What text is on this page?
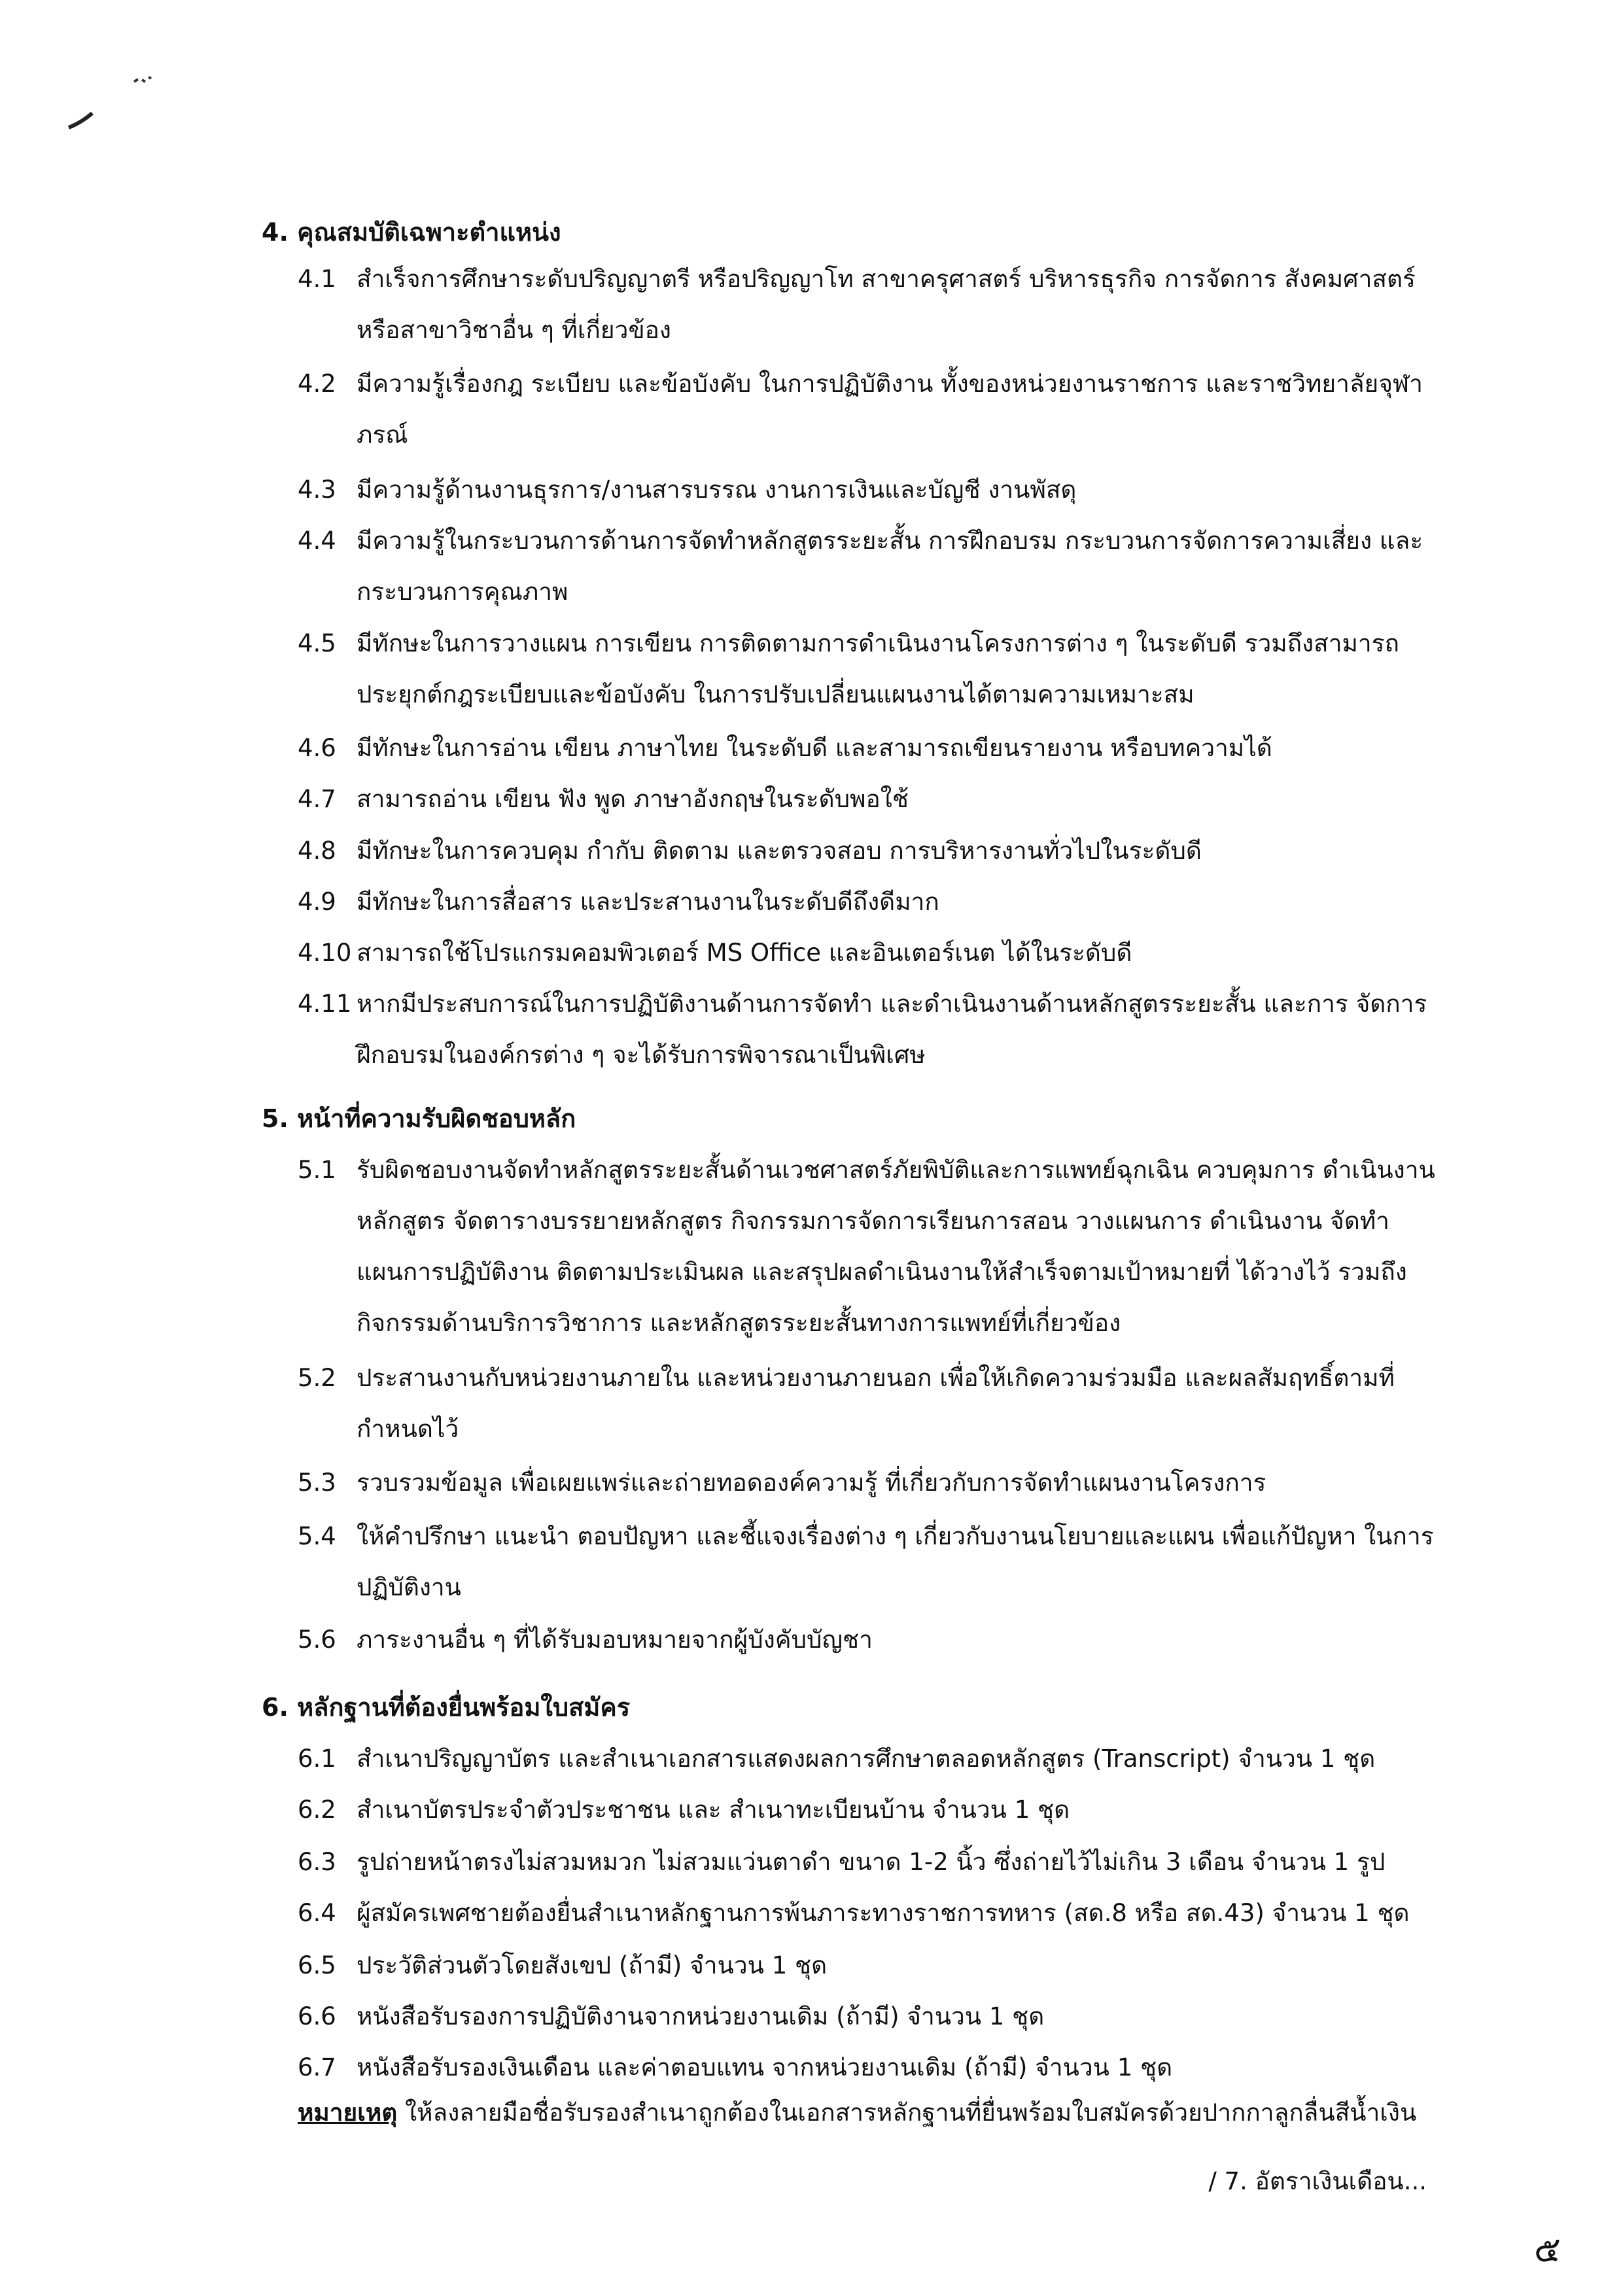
4. คุณสมบัติเฉพาะตำแหน่ง
4.1 สำเร็จการศึกษาระดับปริญญาตรี หรือปริญญาโท สาขาครุศาสตร์ บริหารธุรกิจ การจัดการ สังคมศาสตร์ หรือสาขาวิชาอื่น ๆ ที่เกี่ยวข้อง
4.2 มีความรู้เรื่องกฎ ระเบียบ และข้อบังคับ ในการปฏิบัติงาน ทั้งของหน่วยงานราชการ และราชวิทยาลัยจุฬาภรณ์
4.3 มีความรู้ด้านงานธุรการ/งานสารบรรณ งานการเงินและบัญชี งานพัสดุ
4.4 มีความรู้ในกระบวนการด้านการจัดทำหลักสูตรระยะสั้น การฝึกอบรม กระบวนการจัดการความเสี่ยง และกระบวนการคุณภาพ
4.5 มีทักษะในการวางแผน การเขียน การติดตามการดำเนินงานโครงการต่าง ๆ ในระดับดี รวมถึงสามารถ ประยุกต์กฎระเบียบและข้อบังคับ ในการปรับเปลี่ยนแผนงานได้ตามความเหมาะสม
4.6 มีทักษะในการอ่าน เขียน ภาษาไทย ในระดับดี และสามารถเขียนรายงาน หรือบทความได้
4.7 สามารถอ่าน เขียน ฟัง พูด ภาษาอังกฤษในระดับพอใช้
4.8 มีทักษะในการควบคุม กำกับ ติดตาม และตรวจสอบ การบริหารงานทั่วไปในระดับดี
4.9 มีทักษะในการสื่อสาร และประสานงานในระดับดีถึงดีมาก
4.10 สามารถใช้โปรแกรมคอมพิวเตอร์ MS Office และอินเตอร์เนต ได้ในระดับดี
4.11 หากมีประสบการณ์ในการปฏิบัติงานด้านการจัดทำ และดำเนินงานด้านหลักสูตรระยะสั้น และการ จัดการฝึกอบรมในองค์กรต่าง ๆ จะได้รับการพิจารณาเป็นพิเศษ
5. หน้าที่ความรับผิดชอบหลัก
5.1 รับผิดชอบงานจัดทำหลักสูตรระยะสั้นด้านเวชศาสตร์ภัยพิบัติและการแพทย์ฉุกเฉิน ควบคุมการ ดำเนินงานหลักสูตร จัดตารางบรรยายหลักสูตร กิจกรรมการจัดการเรียนการสอน วางแผนการ ดำเนินงาน จัดทำแผนการปฏิบัติงาน ติดตามประเมินผล และสรุปผลดำเนินงานให้สำเร็จตามเป้าหมายที่ ได้วางไว้ รวมถึงกิจกรรมด้านบริการวิชาการ และหลักสูตรระยะสั้นทางการแพทย์ที่เกี่ยวข้อง
5.2 ประสานงานกับหน่วยงานภายใน และหน่วยงานภายนอก เพื่อให้เกิดความร่วมมือ และผลสัมฤทธิ์ตามที่ กำหนดไว้
5.3 รวบรวมข้อมูล เพื่อเผยแพร่และถ่ายทอดองค์ความรู้ ที่เกี่ยวกับการจัดทำแผนงานโครงการ
5.4 ให้คำปรึกษา แนะนำ ตอบปัญหา และชี้แจงเรื่องต่าง ๆ เกี่ยวกับงานนโยบายและแผน เพื่อแก้ปัญหา ในการปฏิบัติงาน
5.6 ภาระงานอื่น ๆ ที่ได้รับมอบหมายจากผู้บังคับบัญชา
6. หลักฐานที่ต้องยื่นพร้อมใบสมัคร
6.1 สำเนาปริญญาบัตร และสำเนาเอกสารแสดงผลการศึกษาตลอดหลักสูตร (Transcript) จำนวน 1 ชุด
6.2 สำเนาบัตรประจำตัวประชาชน และ สำเนาทะเบียนบ้าน จำนวน 1 ชุด
6.3 รูปถ่ายหน้าตรงไม่สวมหมวก ไม่สวมแว่นตาดำ ขนาด 1-2 นิ้ว ซึ่งถ่ายไว้ไม่เกิน 3 เดือน จำนวน 1 รูป
6.4 ผู้สมัครเพศชายต้องยื่นสำเนาหลักฐานการพ้นภาระทางราชการทหาร (สด.8 หรือ สด.43) จำนวน 1 ชุด
6.5 ประวัติส่วนตัวโดยสังเขป (ถ้ามี) จำนวน 1 ชุด
6.6 หนังสือรับรองการปฏิบัติงานจากหน่วยงานเดิม (ถ้ามี) จำนวน 1 ชุด
6.7 หนังสือรับรองเงินเดือน และค่าตอบแทน จากหน่วยงานเดิม (ถ้ามี) จำนวน 1 ชุด
หมายเหตุ ให้ลงลายมือชื่อรับรองสำเนาถูกต้องในเอกสารหลักฐานที่ยื่นพร้อมใบสมัครด้วยปากกาลูกลื่นสีน้ำเงิน
/ 7. อัตราเงินเดือน...
๕
